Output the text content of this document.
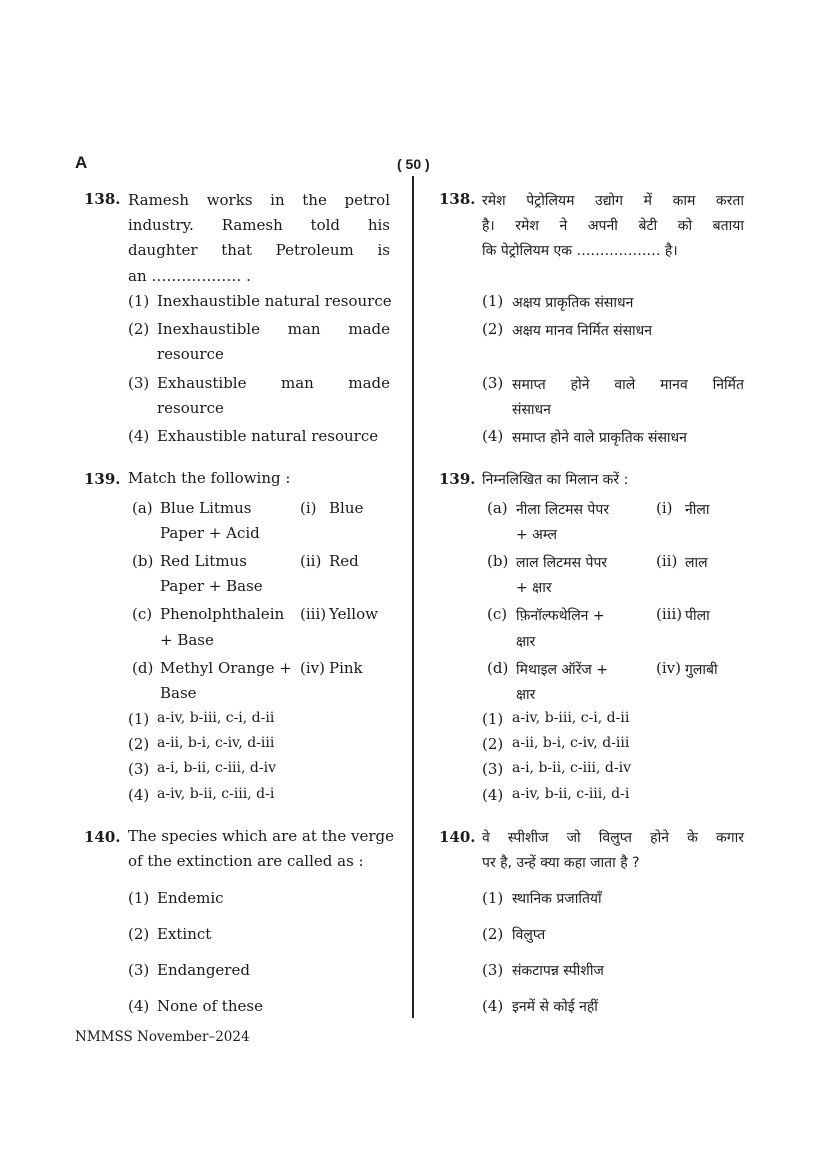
A	( 50 )
138. Ramesh works in the petrol
industry. Ramesh told his
daughter that Petroleum is
an ……………… .
(1) Inexhaustible natural resource
(2) Inexhaustible man made
resource
(3) Exhaustible man made
resource
(4) Exhaustible natural resource
139. Match the following :
(a) Blue Litmus
Paper + Acid
(i) Blue
(b) Red Litmus
Paper + Base
(ii) Red
(c) Phenolphthalein
+ Base
(iii) Yellow
(d) Methyl Orange +
Base
(iv) Pink
(1) a-iv, b-iii, c-i, d-ii
(2) a-ii, b-i, c-iv, d-iii
(3) a-i, b-ii, c-iii, d-iv
(4) a-iv, b-ii, c-iii, d-i
140. The species which are at the verge
of the extinction are called as :
(1) Endemic
(2) Extinct
(3) Endangered
(4) None of these
138. रमेश पेट्रोलियम उद्योग में काम करता
है। रमेश ने अपनी बेटी को बताया
कि पेट्रोलियम एक ……………… है।
(1) अक्षय प्राकृतिक संसाधन
(2) अक्षय मानव निर्मित संसाधन
(3) समाप्त होने वाले मानव निर्मित
संसाधन
(4) समाप्त होने वाले प्राकृतिक संसाधन
139. निम्नलिखित का मिलान करें :
(a) नीला लिटमस पेपर
+ अम्ल
(i) नीला
(b) लाल लिटमस पेपर
+ क्षार
(ii) लाल
(c) फ़िनॉल्फथेलिन +
क्षार
(iii) पीला
(d) मिथाइल ऑरेंज +
क्षार
(iv) गुलाबी
(1) a-iv, b-iii, c-i, d-ii
(2) a-ii, b-i, c-iv, d-iii
(3) a-i, b-ii, c-iii, d-iv
(4) a-iv, b-ii, c-iii, d-i
140. वे स्पीशीज जो विलुप्त होने के कगार
पर है, उन्हें क्या कहा जाता है ?
(1) स्थानिक प्रजातियाँ
(2) विलुप्त
(3) संकटापन्न स्पीशीज
(4) इनमें से कोई नहीं
NMMSS November–2024
